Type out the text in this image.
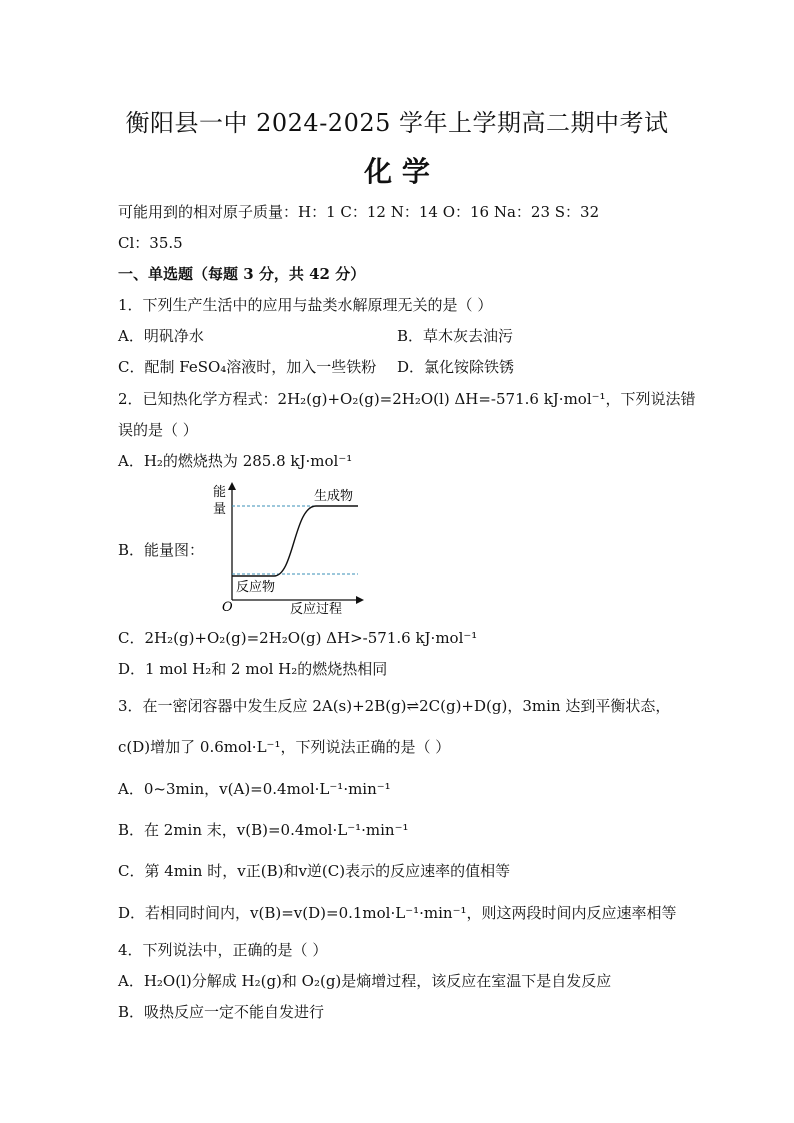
衡阳县一中 2024-2025 学年上学期高二期中考试
化 学
可能用到的相对原子质量：H：1 C：12 N：14 O：16 Na：23 S：32
Cl：35.5
一、单选题（每题 3 分，共 42 分）
1．下列生产生活中的应用与盐类水解原理无关的是（ ）
A．明矾净水	B．草木灰去油污
C．配制 FeSO₄溶液时，加入一些铁粉 D．氯化铵除铁锈
2．已知热化学方程式：2H₂(g)+O₂(g)=2H₂O(l) ΔH=-571.6 kJ·mol⁻¹，下列说法错
误的是（ ）
A．H₂的燃烧热为 285.8 kJ·mol⁻¹
B．能量图：
能
量
生成物
反应物
O	反应过程
C．2H₂(g)+O₂(g)=2H₂O(g) ΔH>-571.6 kJ·mol⁻¹
D．1 mol H₂和 2 mol H₂的燃烧热相同
3．在一密闭容器中发生反应 2A(s)+2B(g)⇌2C(g)+D(g)，3min 达到平衡状态，
c(D)增加了 0.6mol·L⁻¹，下列说法正确的是（ ）
A．0~3min，v(A)=0.4mol·L⁻¹·min⁻¹
B．在 2min 末，v(B)=0.4mol·L⁻¹·min⁻¹
C．第 4min 时，v正(B)和v逆(C)表示的反应速率的值相等
D．若相同时间内，v(B)=v(D)=0.1mol·L⁻¹·min⁻¹，则这两段时间内反应速率相等
4．下列说法中，正确的是（ ）
A．H₂O(l)分解成 H₂(g)和 O₂(g)是熵增过程，该反应在室温下是自发反应
B．吸热反应一定不能自发进行
